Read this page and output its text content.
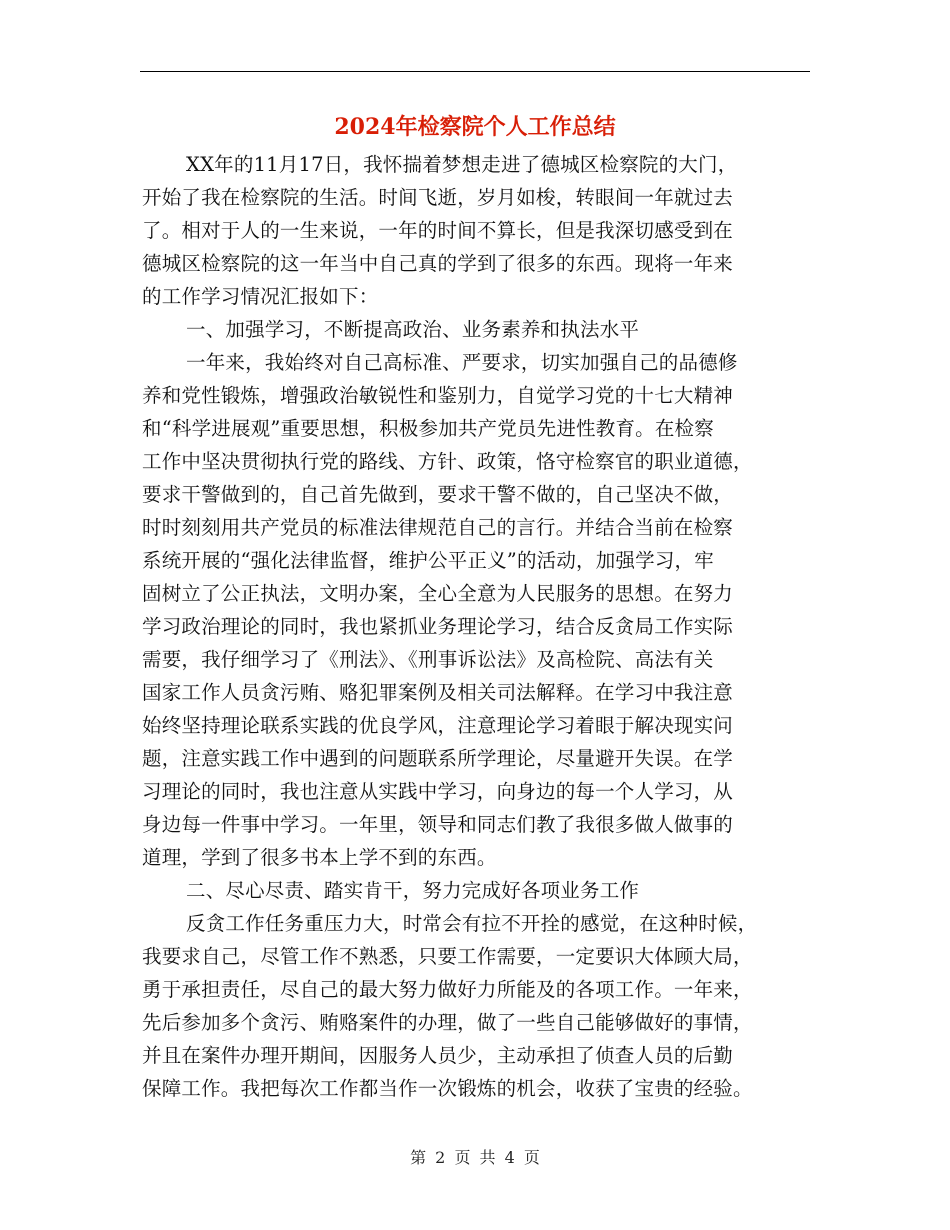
2024年检察院个人工作总结

XX年的11月17日，我怀揣着梦想走进了德城区检察院的大门，

开始了我在检察院的生活。时间飞逝，岁月如梭，转眼间一年就过去

了。相对于人的一生来说，一年的时间不算长，但是我深切感受到在

德城区检察院的这一年当中自己真的学到了很多的东西。现将一年来

的工作学习情况汇报如下：

一、加强学习，不断提高政治、业务素养和执法水平

一年来，我始终对自己高标准、严要求，切实加强自己的品德修

养和党性锻炼，增强政治敏锐性和鉴别力，自觉学习党的十七大精神

和“科学进展观”重要思想，积极参加共产党员先进性教育。在检察

工作中坚决贯彻执行党的路线、方针、政策，恪守检察官的职业道德，

要求干警做到的，自己首先做到，要求干警不做的，自己坚决不做，

时时刻刻用共产党员的标准法律规范自己的言行。并结合当前在检察

系统开展的“强化法律监督，维护公平正义”的活动，加强学习，牢

固树立了公正执法，文明办案，全心全意为人民服务的思想。在努力

学习政治理论的同时，我也紧抓业务理论学习，结合反贪局工作实际

需要，我仔细学习了《刑法》、《刑事诉讼法》及高检院、高法有关

国家工作人员贪污贿、赂犯罪案例及相关司法解释。在学习中我注意

始终坚持理论联系实践的优良学风，注意理论学习着眼于解决现实问

题，注意实践工作中遇到的问题联系所学理论，尽量避开失误。在学

习理论的同时，我也注意从实践中学习，向身边的每一个人学习，从

身边每一件事中学习。一年里，领导和同志们教了我很多做人做事的

道理，学到了很多书本上学不到的东西。

二、尽心尽责、踏实肯干，努力完成好各项业务工作

反贪工作任务重压力大，时常会有拉不开拴的感觉，在这种时候，

我要求自己，尽管工作不熟悉，只要工作需要，一定要识大体顾大局，

勇于承担责任，尽自己的最大努力做好力所能及的各项工作。一年来，

先后参加多个贪污、贿赂案件的办理，做了一些自己能够做好的事情，

并且在案件办理开期间，因服务人员少，主动承担了侦查人员的后勤

保障工作。我把每次工作都当作一次锻炼的机会，收获了宝贵的经验。

第 2 页 共 4 页
